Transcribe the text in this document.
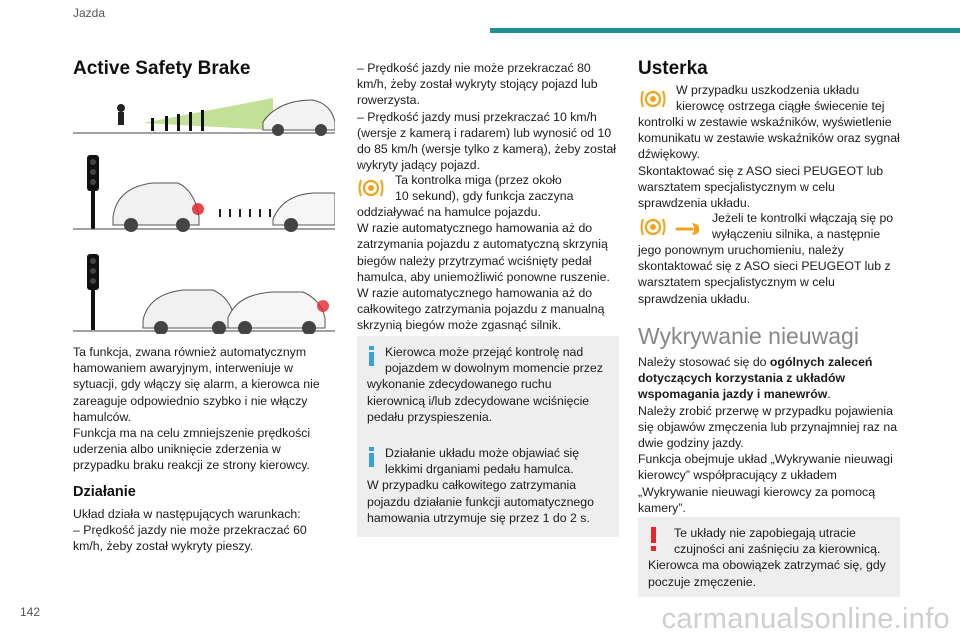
Jazda
Active Safety Brake

Ta funkcja, zwana również automatycznym hamowaniem awaryjnym, interweniuje w sytuacji, gdy włączy się alarm, a kierowca nie zareaguje odpowiednio szybko i nie włączy hamulców.

Funkcja ma na celu zmniejszenie prędkości uderzenia albo uniknięcie zderzenia w przypadku braku reakcji ze strony kierowcy.

Działanie

Układ działa w następujących warunkach:

– Prędkość jazdy nie może przekraczać 60 km/h, żeby został wykryty pieszy.

– Prędkość jazdy nie może przekraczać 80 km/h, żeby został wykryty stojący pojazd lub rowerzysta.

– Prędkość jazdy musi przekraczać 10 km/h (wersje z kamerą i radarem) lub wynosić od 10 do 85 km/h (wersje tylko z kamerą), żeby został wykryty jadący pojazd.

Ta kontrolka miga (przez około

10 sekund), gdy funkcja zaczyna

oddziaływać na hamulce pojazdu.

W razie automatycznego hamowania aż do zatrzymania pojazdu z automatyczną skrzynią biegów należy przytrzymać wciśnięty pedał hamulca, aby uniemożliwić ponowne ruszenie.

W razie automatycznego hamowania aż do całkowitego zatrzymania pojazdu z manualną skrzynią biegów może zgasnąć silnik.

Kierowca może przejąć kontrolę nad

pojazdem w dowolnym momencie przez

wykonanie zdecydowanego ruchu kierownicą i/lub zdecydowane wciśnięcie pedału przyspieszenia.

Działanie układu może objawiać się

lekkimi drganiami pedału hamulca.

W przypadku całkowitego zatrzymania pojazdu działanie funkcji automatycznego hamowania utrzymuje się przez 1 do 2 s.

Usterka

W przypadku uszkodzenia układu

kierowcę ostrzega ciągłe świecenie tej

kontrolki w zestawie wskaźników, wyświetlenie komunikatu w zestawie wskaźników oraz sygnał dźwiękowy.

Skontaktować się z ASO sieci PEUGEOT lub warsztatem specjalistycznym w celu sprawdzenia układu.

Jeżeli te kontrolki włączają się po

wyłączeniu silnika, a następnie

jego ponownym uruchomieniu, należy skontaktować się z ASO sieci PEUGEOT lub z warsztatem specjalistycznym w celu sprawdzenia układu.

Wykrywanie nieuwagi

Należy stosować się do ogólnych zaleceń dotyczących korzystania z układów wspomagania jazdy i manewrów.

Należy zrobić przerwę w przypadku pojawienia się objawów zmęczenia lub przynajmniej raz na dwie godziny jazdy.

Funkcja obejmuje układ „Wykrywanie nieuwagi kierowcy” współpracujący z układem „Wykrywanie nieuwagi kierowcy za pomocą kamery”.

Te układy nie zapobiegają utracie

czujności ani zaśnięciu za kierownicą.

Kierowca ma obowiązek zatrzymać się, gdy poczuje zmęczenie.

142	carmanualsonline.info
